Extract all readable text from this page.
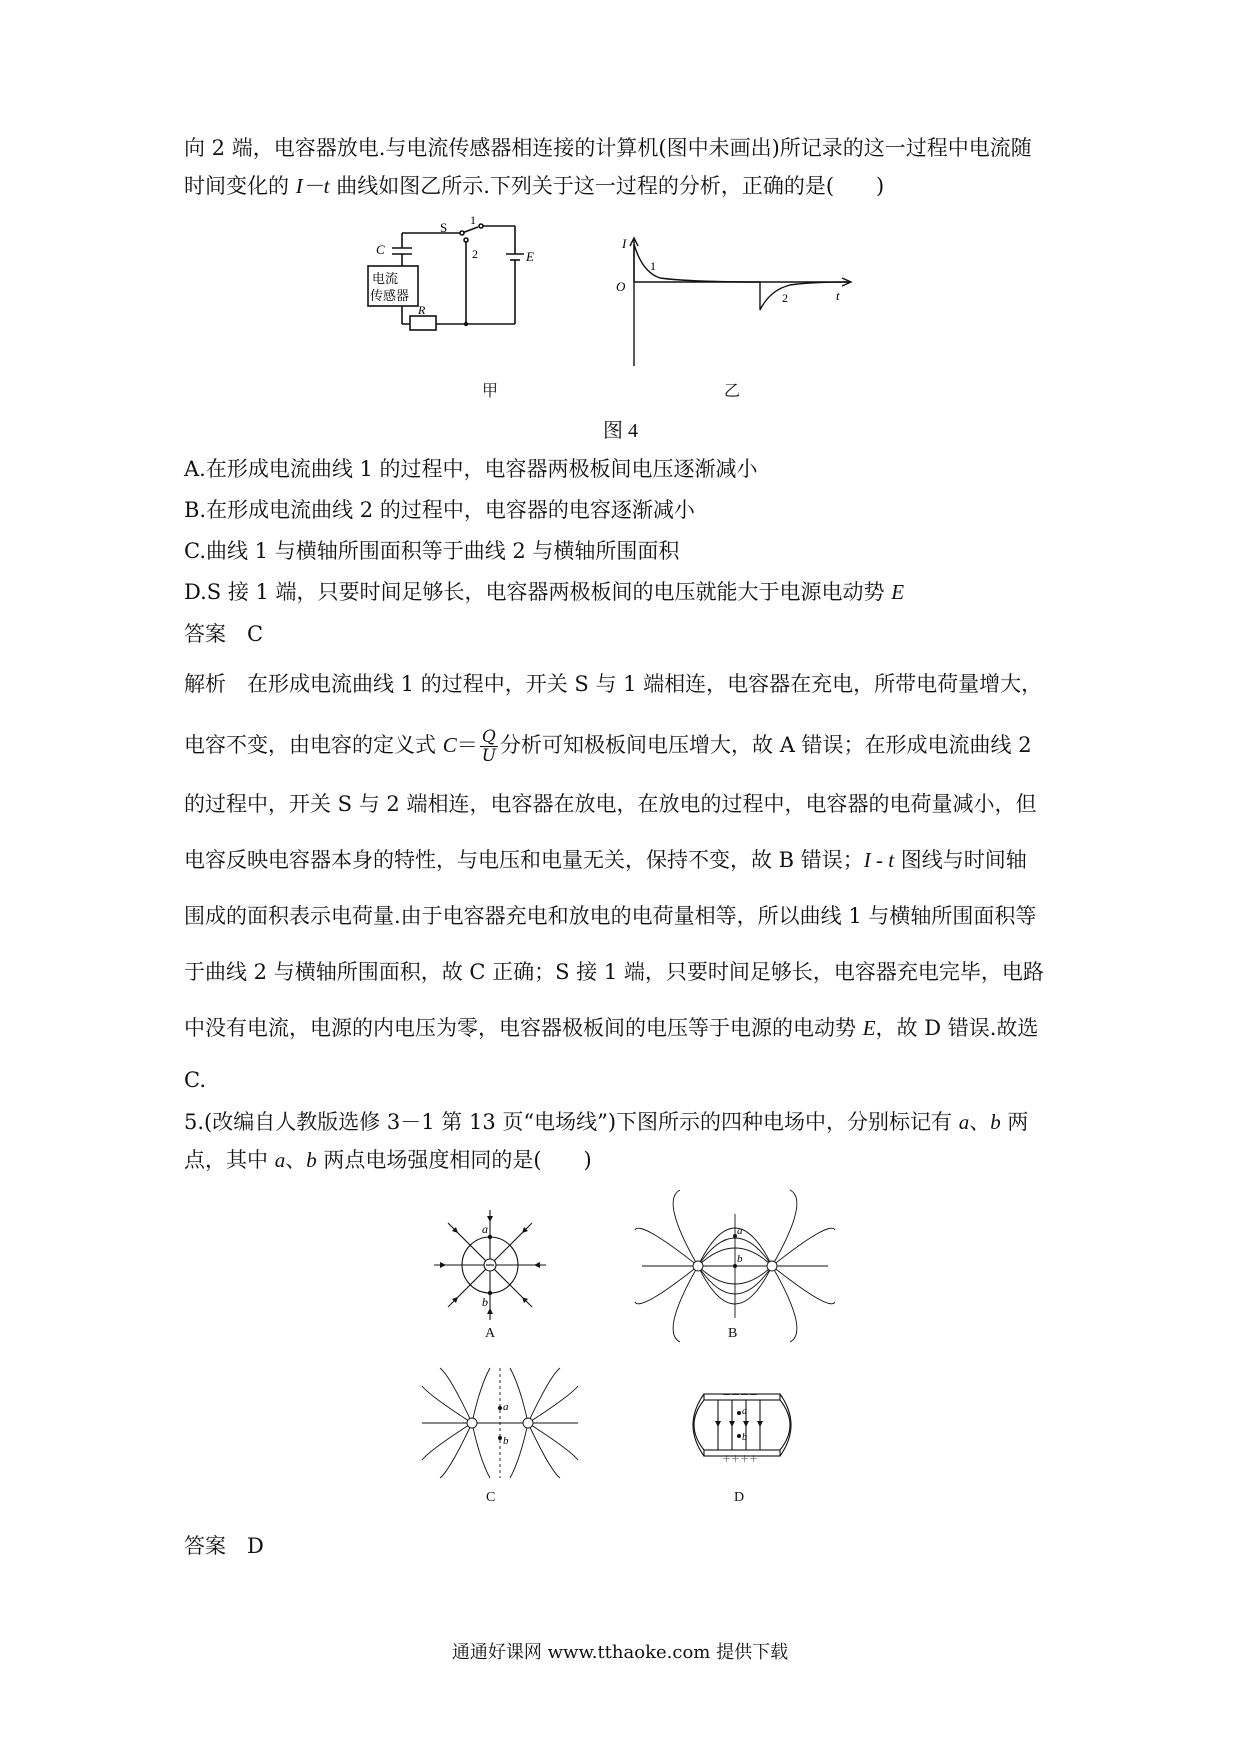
向 2 端，电容器放电.与电流传感器相连接的计算机(图中未画出)所记录的这一过程中电流随
时间变化的 I－t 曲线如图乙所示.下列关于这一过程的分析，正确的是(　　)
C
S 1
2	E
R
电流
传感器
甲
I
O
t
1
2
乙
图 4
A.在形成电流曲线 1 的过程中，电容器两极板间电压逐渐减小
B.在形成电流曲线 2 的过程中，电容器的电容逐渐减小
C.曲线 1 与横轴所围面积等于曲线 2 与横轴所围面积
D.S 接 1 端，只要时间足够长，电容器两极板间的电压就能大于电源电动势 E
答案　 C
解析　 在形成电流曲线 1 的过程中，开关 S 与 1 端相连，电容器在充电，所带电荷量增大，
电容不变，由电容的定义式 $C= \frac{Q}{U}$ 分析可知极板间电压增大，故 A 错误；在形成电流曲线 2
的过程中，开关 S 与 2 端相连，电容器在放电，在放电的过程中，电容器的电荷量减小，但
电容反映电容器本身的特性，与电压和电量无关，保持不变，故 B 错误；I - t 图线与时间轴
围成的面积表示电荷量.由于电容器充电和放电的电荷量相等，所以曲线 1 与横轴所围面积等
于曲线 2 与横轴所围面积，故 C 正确；S 接 1 端，只要时间足够长，电容器充电完毕，电路
中没有电流，电源的内电压为零，电容器极板间的电压等于电源的电动势 E，故 D 错误.故选
C.
5.(改编自人教版选修 3－1 第 13 页“电场线”)下图所示的四种电场中，分别标记有 a、b 两
点，其中 a、b 两点电场强度相同的是(　　)
a
b
A
a
b
B
a
b
C
－－－－
＋＋＋＋
a
b
D
答案　 D
通通好课网 www.tthaoke.com 提供下载
